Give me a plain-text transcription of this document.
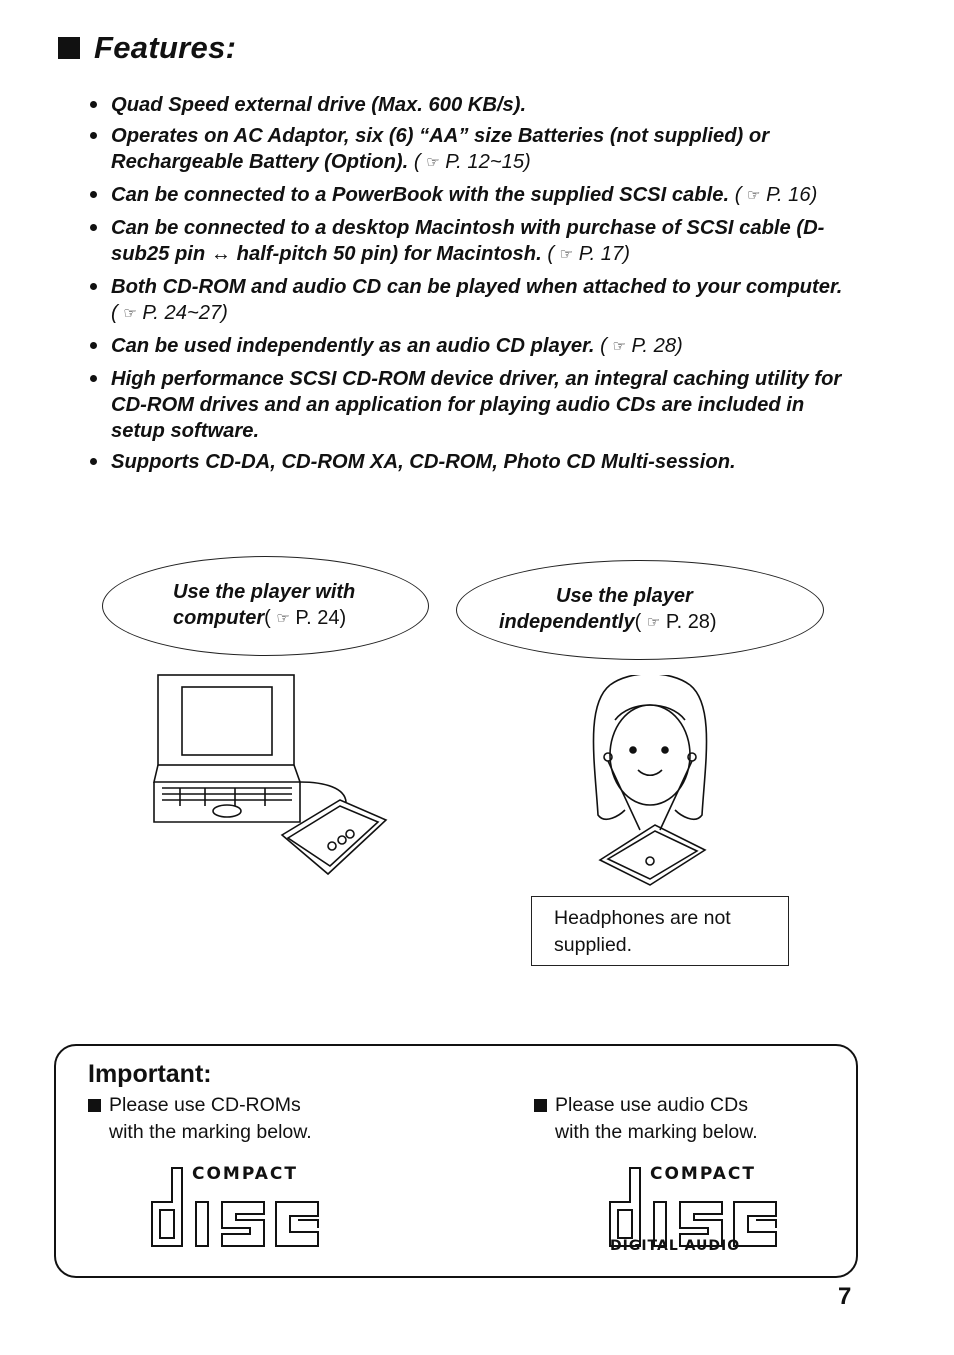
Features:
Quad Speed external drive (Max. 600 KB/s).
Operates on AC Adaptor, six (6) “AA” size Batteries (not supplied) or Rechargeable Battery (Option). ( ☞ P. 12~15)
Can be connected to a PowerBook with the supplied SCSI cable. ( ☞ P. 16)
Can be connected to a desktop Macintosh with purchase of SCSI cable (D-sub25 pin ↔ half-pitch 50 pin) for Macintosh. ( ☞ P. 17)
Both CD-ROM and audio CD can be played when attached to your computer. ( ☞ P. 24~27)
Can be used independently as an audio CD player. ( ☞ P. 28)
High performance SCSI CD-ROM device driver, an integral caching utility for CD-ROM drives and an application for playing audio CDs are included in setup software.
Supports CD-DA, CD-ROM XA, CD-ROM, Photo CD Multi-session.
Use the player with
computer( ☞ P. 24)
Use the player
independently( ☞ P. 28)
Headphones are not supplied.
Important:
Please use CD-ROMs
with the marking below.
Please use audio CDs
with the marking below.
COMPACT	COMPACT
DIGITAL AUDIO
7
